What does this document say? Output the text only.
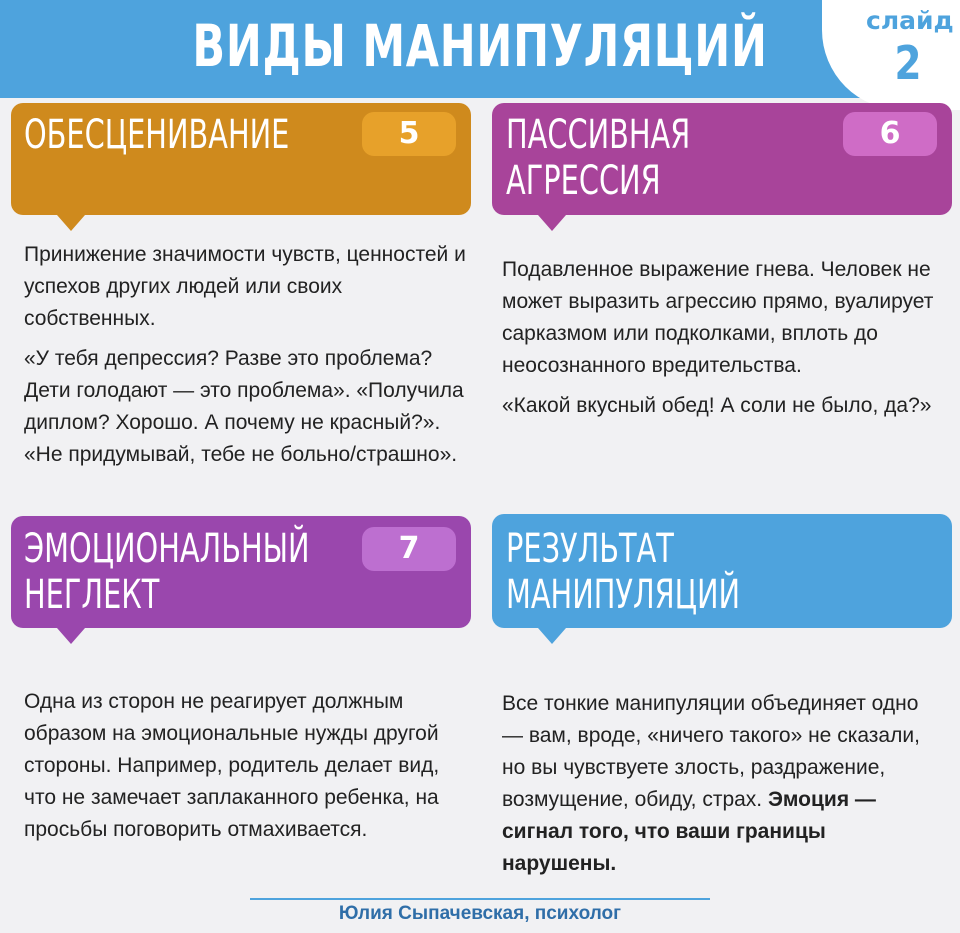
ВИДЫ МАНИПУЛЯЦИЙ	слайд
2
ОБЕСЦЕНИВАНИЕ	5

Принижение значимости чувств, ценностей и успехов других людей или своих собственных.

«У тебя депрессия? Разве это проблема? Дети голодают — это проблема». «Получила диплом? Хорошо. А почему не красный?». «Не придумывай, тебе не больно/страшно».

ПАССИВНАЯ
АГРЕССИЯ
6

Подавленное выражение гнева. Человек не может выразить агрессию прямо, вуалирует сарказмом или подколками, вплоть до неосознанного вредительства.

«Какой вкусный обед! А соли не было, да?»

ЭМОЦИОНАЛЬНЫЙ
НЕГЛЕКТ
7

Одна из сторон не реагирует должным образом на эмоциональные нужды другой стороны. Например, родитель делает вид, что не замечает заплаканного ребенка, на просьбы поговорить отмахивается.

РЕЗУЛЬТАТ
МАНИПУЛЯЦИЙ

Все тонкие манипуляции объединяет одно — вам, вроде, «ничего такого» не сказали, но вы чувствуете злость, раздражение, возмущение, обиду, страх. Эмоция — сигнал того, что ваши границы нарушены.

Юлия Сыпачевская, психолог
